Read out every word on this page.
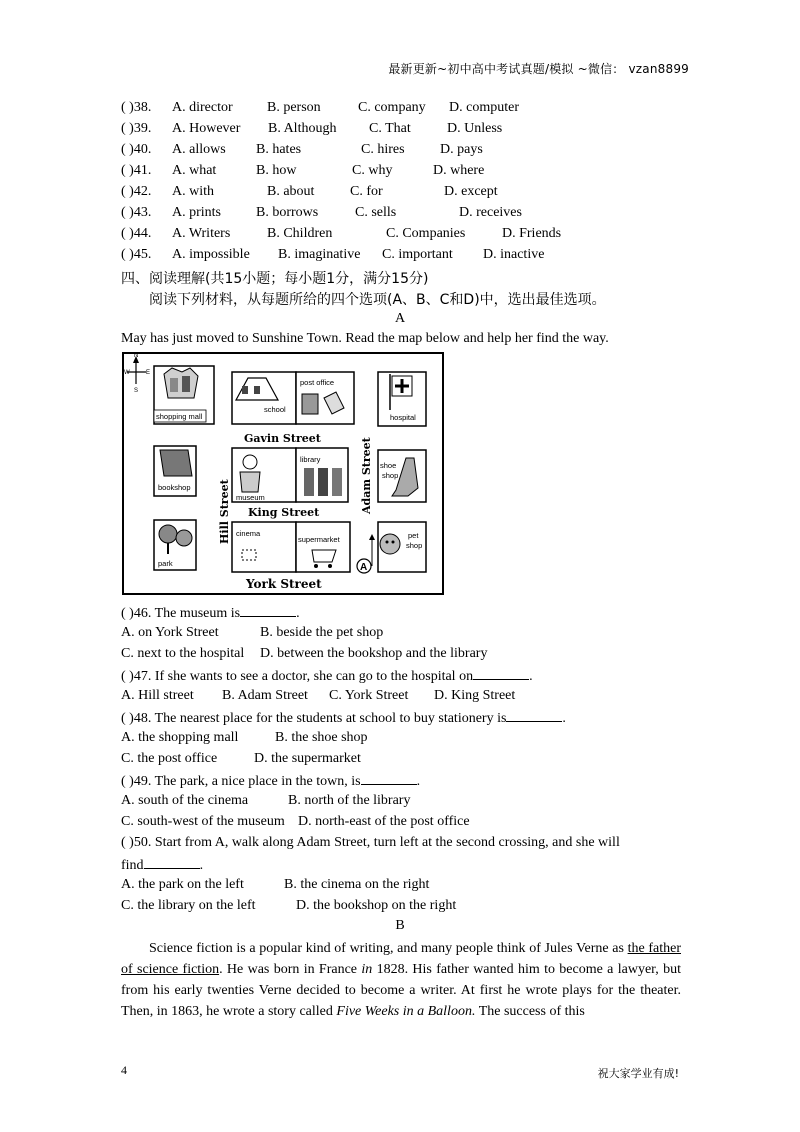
最新更新~初中高中考试真题/模拟 ~微信： vzan8899
( )38. A. director B. person	C. company D. computer
( )39. A. However B. Although C. That	D. Unless
( )40. A. allows B. hates	C. hires	D. pays
( )41. A. what	B. how	C. why	D. where
( )42. A. with	B. about	C. for	D. except
( )43. A. prints	B. borrows	C. sells	D. receives
( )44. A. Writers	B. Children	C. Companies	D. Friends
( )45. A. impossible B. imaginative C. important D. inactive
四、阅读理解(共15小题；每小题1分，满分15分)
阅读下列材料，从每题所给的四个选项(A、B、C和D)中，选出最佳选项。
A
May has just moved to Sunshine Town. Read the map below and help her find the way.
N
W	E
S
shopping mall
school
post office
hospital
Gavin Street
bookshop
museum
library
shoe
shop
King Street
park
cinema
supermarket	pet
shop
York Street
Hill Street	Adam Street
A
( )46. The museum is	.
A. on York Street	B. beside the pet shop
C. next to the hospital D. between the bookshop and the library
( )47. If she wants to see a doctor, she can go to the hospital on	.
A. Hill street B. Adam Street C. York Street D. King Street
( )48. The nearest place for the students at school to buy stationery is	.
A. the shopping mall	B. the shoe shop
C. the post office	D. the supermarket
( )49. The park, a nice place in the town, is	.
A. south of the cinema	B. north of the library
C. south-west of the museum D. north-east of the post office
( )50. Start from A, walk along Adam Street, turn left at the second crossing, and she will
find	.
A. the park on the left	B. the cinema on the right
C. the library on the left	D. the bookshop on the right
B
Science fiction is a popular kind of writing, and many people think of Jules Verne as the father of science fiction. He was born in France in 1828. His father wanted him to become a lawyer, but from his early twenties Verne decided to become a writer. At first he wrote plays for the theater. Then, in 1863, he wrote a story called Five Weeks in a Balloon. The success of this
4	祝大家学业有成!
